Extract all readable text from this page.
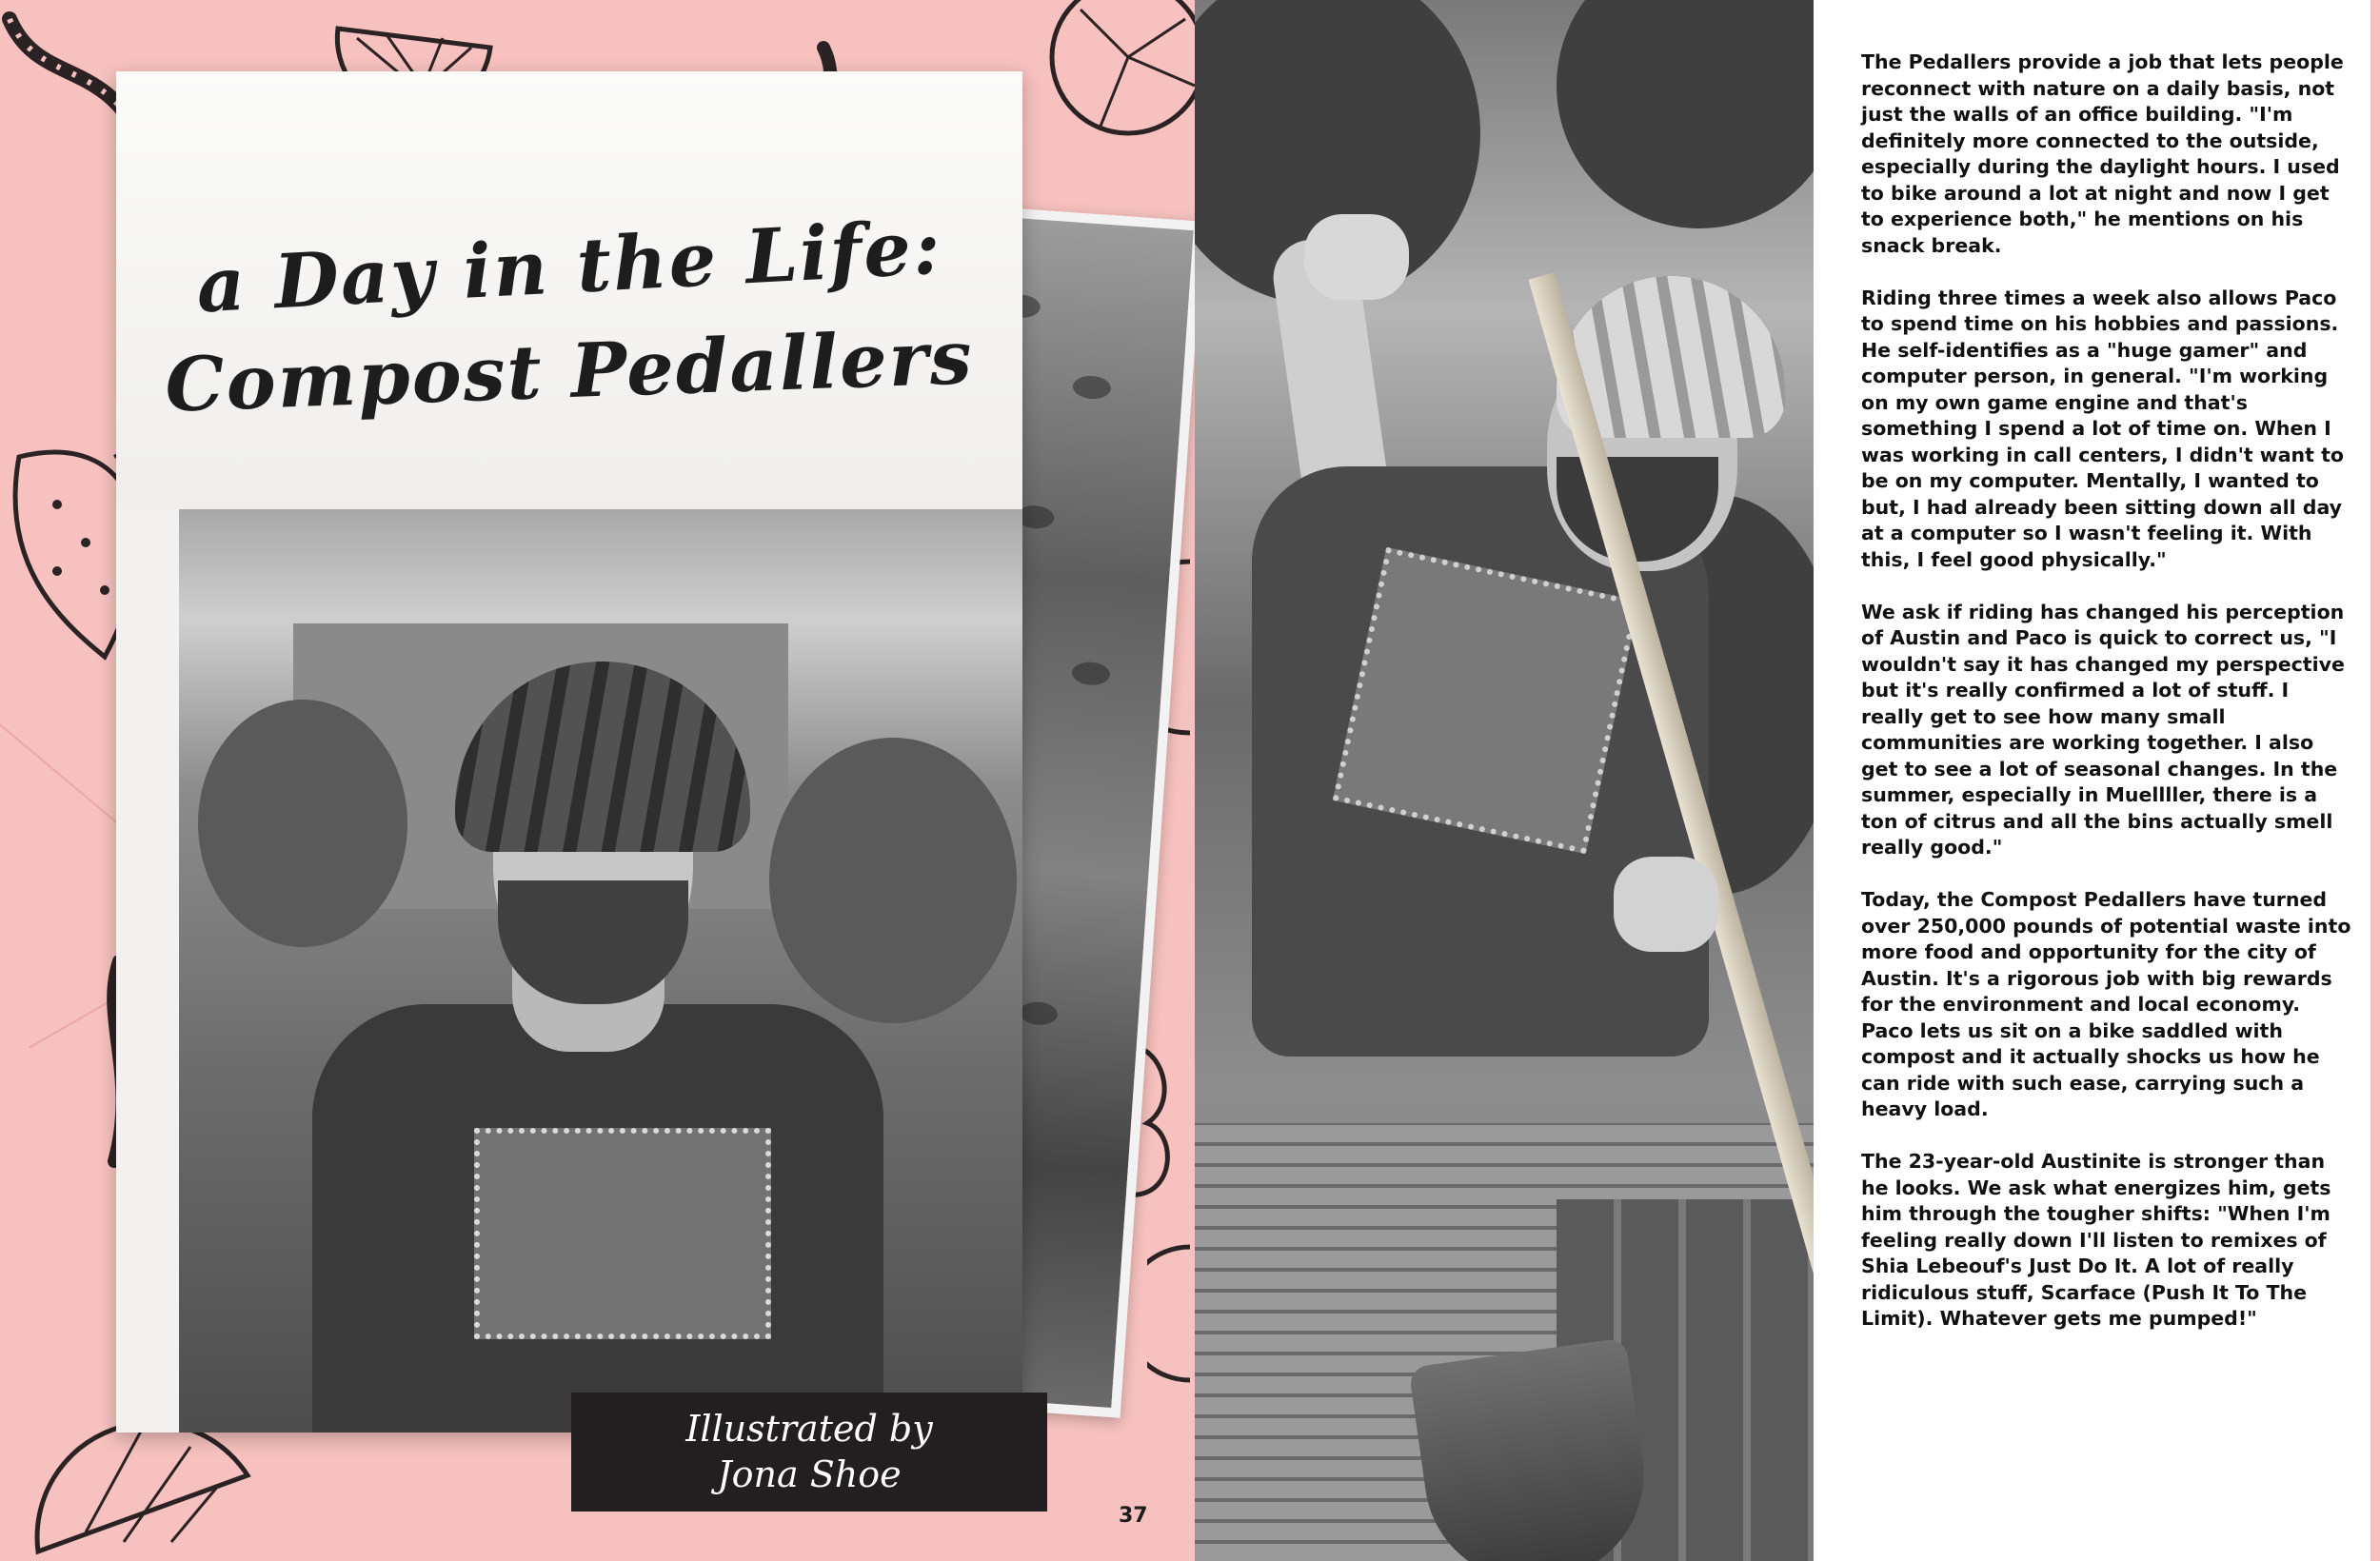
a Day in the Life:
Compost Pedallers
Illustrated by
Jona Shoe
37

The Pedallers provide a job that lets people reconnect with nature on a daily basis, not just the walls of an office building. "I'm definitely more connected to the outside, especially during the daylight hours. I used to bike around a lot at night and now I get to experience both," he mentions on his snack break.

Riding three times a week also allows Paco to spend time on his hobbies and passions. He self-identifies as a "huge gamer" and computer person, in general. "I'm working on my own game engine and that's something I spend a lot of time on. When I was working in call centers, I didn't want to be on my computer. Mentally, I wanted to but, I had already been sitting down all day at a computer so I wasn't feeling it. With this, I feel good physically."

We ask if riding has changed his perception of Austin and Paco is quick to correct us, "I wouldn't say it has changed my perspective but it's really confirmed a lot of stuff. I really get to see how many small communities are working together. I also get to see a lot of seasonal changes. In the summer, especially in Muellller, there is a ton of citrus and all the bins actually smell really good."

Today, the Compost Pedallers have turned over 250,000 pounds of potential waste into more food and opportunity for the city of Austin. It's a rigorous job with big rewards for the environment and local economy. Paco lets us sit on a bike saddled with compost and it actually shocks us how he can ride with such ease, carrying such a heavy load.

The 23-year-old Austinite is stronger than he looks. We ask what energizes him, gets him through the tougher shifts: "When I'm feeling really down I'll listen to remixes of Shia Lebeouf's Just Do It. A lot of really ridiculous stuff, Scarface (Push It To The Limit). Whatever gets me pumped!"
